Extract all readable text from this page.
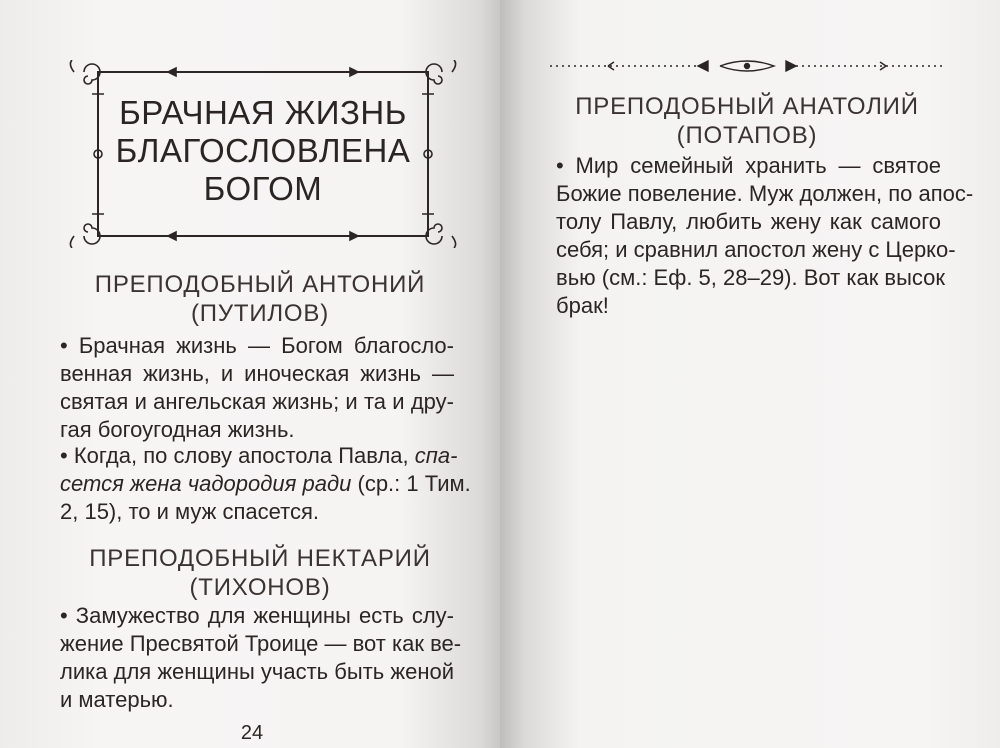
БРАЧНАЯ ЖИЗНЬ
БЛАГОСЛОВЛЕНА
БОГОМ
ПРЕПОДОБНЫЙ АНТОНИЙ
(ПУТИЛОВ)
• Брачная жизнь — Богом благосло-
венная жизнь, и иноческая жизнь —
святая и ангельская жизнь; и та и дру-
гая богоугодная жизнь.
• Когда, по слову апостола Павла, спа-
сется жена чадородия ради (ср.: 1 Тим.
2, 15), то и муж спасется.
ПРЕПОДОБНЫЙ НЕКТАРИЙ
(ТИХОНОВ)
• Замужество для женщины есть слу-
жение Пресвятой Троице — вот как ве-
лика для женщины участь быть женой
и матерью.
24
ПРЕПОДОБНЫЙ АНАТОЛИЙ
(ПОТАПОВ)
• Мир семейный хранить — святое
Божие повеление. Муж должен, по апос-
толу Павлу, любить жену как самого
себя; и сравнил апостол жену с Церко-
вью (см.: Еф. 5, 28–29). Вот как высок
брак!
